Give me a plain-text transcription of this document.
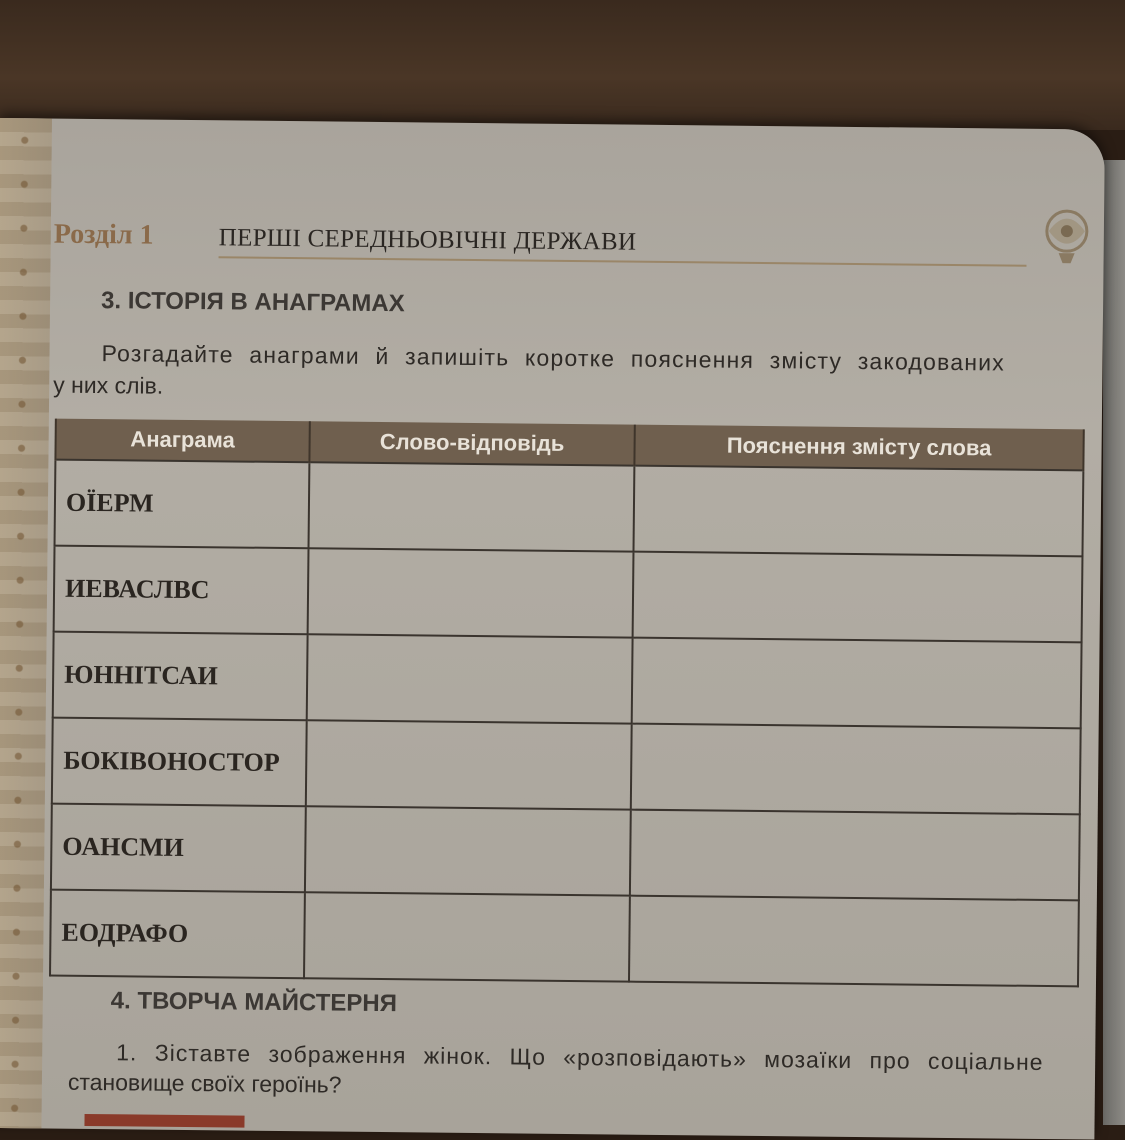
Розділ 1	ПЕРШІ СЕРЕДНЬОВІЧНІ ДЕРЖАВИ
3. ІСТОРІЯ В АНАГРАМАХ
Розгадайте анаграми й запишіть коротке пояснення змісту закодованих
у них слів.
Анаграма	Слово-відповідь	Пояснення змісту слова
ОЇЕРМ		
ИЕВАСЛВС		
ЮННІТСАИ		
БОКІВОНОСТОР		
ОАНСМИ		
ЕОДРАФО		
4. ТВОРЧА МАЙСТЕРНЯ
1. Зіставте зображення жінок. Що «розповідають» мозаїки про соціальне
становище своїх героїнь?
